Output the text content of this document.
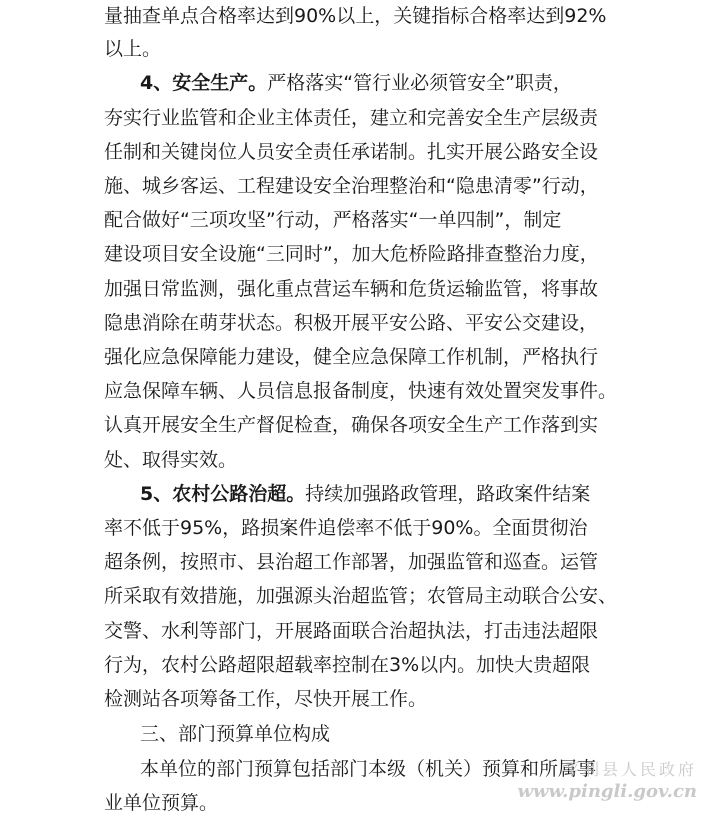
量抽查单点合格率达到90%以上，关键指标合格率达到92%
以上。
4、安全生产。严格落实“管行业必须管安全”职责，
夯实行业监管和企业主体责任，建立和完善安全生产层级责
任制和关键岗位人员安全责任承诺制。扎实开展公路安全设
施、城乡客运、工程建设安全治理整治和“隐患清零”行动，
配合做好“三项攻坚”行动，严格落实“一单四制”，制定
建设项目安全设施“三同时”，加大危桥险路排查整治力度，
加强日常监测，强化重点营运车辆和危货运输监管，将事故
隐患消除在萌芽状态。积极开展平安公路、平安公交建设，
强化应急保障能力建设，健全应急保障工作机制，严格执行
应急保障车辆、人员信息报备制度，快速有效处置突发事件。
认真开展安全生产督促检查，确保各项安全生产工作落到实
处、取得实效。
5、农村公路治超。持续加强路政管理，路政案件结案
率不低于95%，路损案件追偿率不低于90%。全面贯彻治
超条例，按照市、县治超工作部署，加强监管和巡查。运管
所采取有效措施，加强源头治超监管；农管局主动联合公安、
交警、水利等部门，开展路面联合治超执法，打击违法超限
行为，农村公路超限超载率控制在3%以内。加快大贵超限
检测站各项筹备工作，尽快开展工作。
三、部门预算单位构成
本单位的部门预算包括部门本级（机关）预算和所属事
业单位预算。
平利县人民政府
www.pingli.gov.cn
